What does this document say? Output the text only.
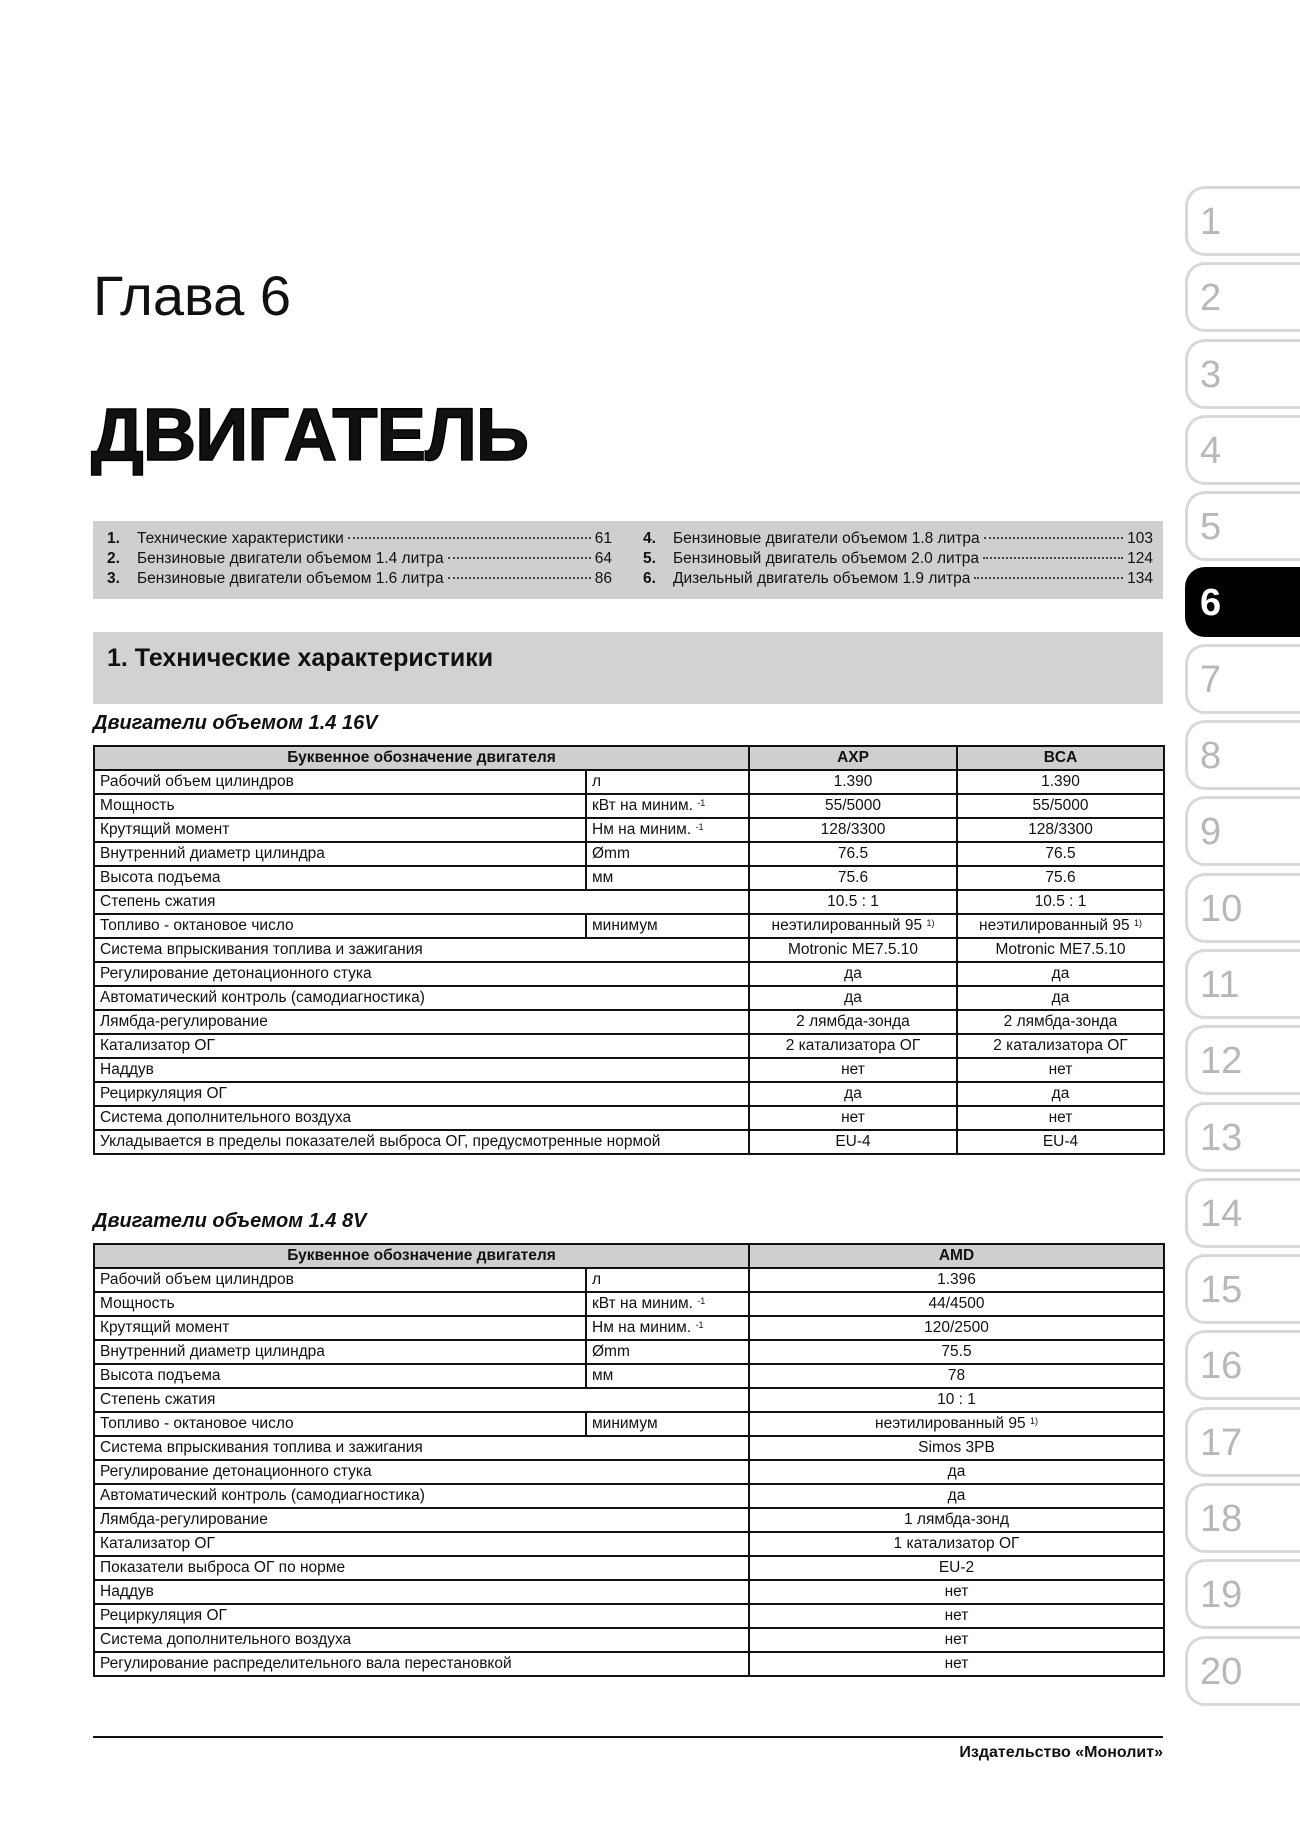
Глава 6
ДВИГАТЕЛЬ
1.	Технические характеристики	61
2.	Бензиновые двигатели объемом 1.4 литра	64
3.	Бензиновые двигатели объемом 1.6 литра	86
4.	Бензиновые двигатели объемом 1.8 литра	103
5.	Бензиновый двигатель объемом 2.0 литра	124
6.	Дизельный двигатель объемом 1.9 литра	134
1. Технические характеристики
Двигатели объемом 1.4 16V
Буквенное обозначение двигателя		AXP	BCA
Рабочий объем цилиндров	л	1.390	1.390
Мощность	кВт на миним. $^{-1}$	55/5000	55/5000
Крутящий момент	Нм на миним. $^{-1}$	128/3300	128/3300
Внутренний диаметр цилиндра	Ømm	76.5	76.5
Высота подъема	мм	75.6	75.6
Степень сжатия		10.5 : 1	10.5 : 1
Топливо - октановое число	минимум	неэтилированный 95 $^{1)}$	неэтилированный 95 $^{1)}$
Система впрыскивания топлива и зажигания		Motronic ME7.5.10	Motronic ME7.5.10
Регулирование детонационного стука		да	да
Автоматический контроль (самодиагностика)		да	да
Лямбда-регулирование		2 лямбда-зонда	2 лямбда-зонда
Катализатор ОГ		2 катализатора ОГ	2 катализатора ОГ
Наддув		нет	нет
Рециркуляция ОГ		да	да
Система дополнительного воздуха		нет	нет
Укладывается в пределы показателей выброса ОГ, предусмотренные нормой		EU-4	EU-4
Двигатели объемом 1.4 8V
Буквенное обозначение двигателя		AMD
Рабочий объем цилиндров	л	1.396
Мощность	кВт на миним. $^{-1}$	44/4500
Крутящий момент	Нм на миним. $^{-1}$	120/2500
Внутренний диаметр цилиндра	Ømm	75.5
Высота подъема	мм	78
Степень сжатия		10 : 1
Топливо - октановое число	минимум	неэтилированный 95 $^{1)}$
Система впрыскивания топлива и зажигания		Simos 3PB
Регулирование детонационного стука		да
Автоматический контроль (самодиагностика)		да
Лямбда-регулирование		1 лямбда-зонд
Катализатор ОГ		1 катализатор ОГ
Показатели выброса ОГ по норме		EU-2
Наддув		нет
Рециркуляция ОГ		нет
Система дополнительного воздуха		нет
Регулирование распределительного вала перестановкой		нет
1
2
3
4
5
6
7
8
9
10
11
12
13
14
15
16
17
18
19
20
Издательство «Монолит»
